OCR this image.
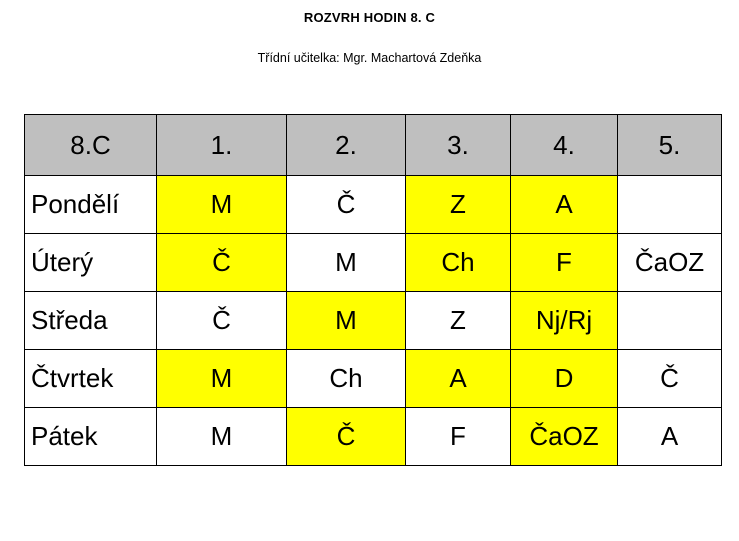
ROZVRH HODIN 8. C
Třídní učitelka: Mgr. Machartová Zdeňka
8.C	1.	2.	3.	4.	5.
Pondělí	M	Č	Z	A	
Úterý	Č	M	Ch	F	ČaOZ
Středa	Č	M	Z	Nj/Rj	
Čtvrtek	M	Ch	A	D	Č
Pátek	M	Č	F	ČaOZ	A
